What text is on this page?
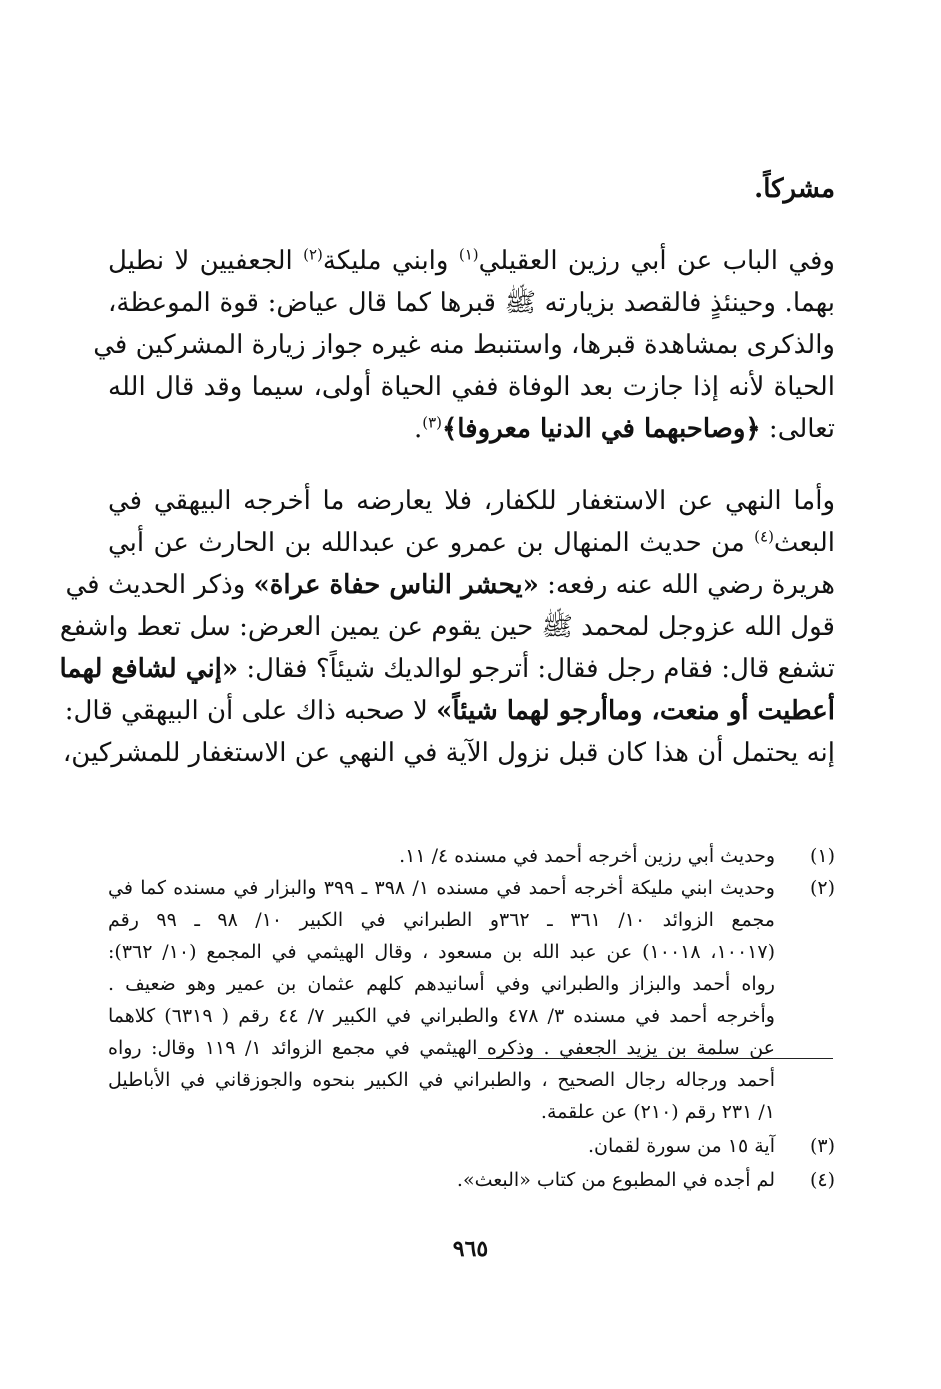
مشركاً.
وفي الباب عن أبي رزين العقيلي$^{(١)}$ وابني مليكة$^{(٢)}$ الجعفيين لا نطيل
بهما. وحينئذٍ فالقصد بزيارته ﷺ قبرها كما قال عياض: قوة الموعظة،
والذكرى بمشاهدة قبرها، واستنبط منه غيره جواز زيارة المشركين في
الحياة لأنه إذا جازت بعد الوفاة ففي الحياة أولى، سيما وقد قال الله
تعالى: ﴿وصاحبهما في الدنيا معروفا﴾$^{(٣)}$.
وأما النهي عن الاستغفار للكفار، فلا يعارضه ما أخرجه البيهقي في
البعث$^{(٤)}$ من حديث المنهال بن عمرو عن عبدالله بن الحارث عن أبي
هريرة رضي الله عنه رفعه: «يحشر الناس حفاة عراة» وذكر الحديث في
قول الله عزوجل لمحمد ﷺ حين يقوم عن يمين العرض: سل تعط واشفع
تشفع قال: فقام رجل فقال: أترجو لوالديك شيئاً؟ فقال: «إني لشافع لهما
أعطيت أو منعت، وماأرجو لهما شيئاً» لا صحبه ذاك على أن البيهقي قال:
إنه يحتمل أن هذا كان قبل نزول الآية في النهي عن الاستغفار للمشركين،
(١)
وحديث أبي رزين أخرجه أحمد في مسنده ٤/ ١١.
(٢)
وحديث ابني مليكة أخرجه أحمد في مسنده ١/ ٣٩٨ ـ ٣٩٩ والبزار في مسنده كما في
مجمع الزوائد ١٠/ ٣٦١ ـ ٣٦٢و الطبراني في الكبير ١٠/ ٩٨ ـ ٩٩ رقم
(١٠٠١٧، ١٠٠١٨) عن عبد الله بن مسعود ، وقال الهيثمي في المجمع (١٠/ ٣٦٢):
رواه أحمد والبزاز والطبراني وفي أسانيدهم كلهم عثمان بن عمير وهو ضعيف .
وأخرجه أحمد في مسنده ٣/ ٤٧٨ والطبراني في الكبير ٧/ ٤٤ رقم ( ٦٣١٩) كلاهما
عن سلمة بن يزيد الجعفي . وذكره الهيثمي في مجمع الزوائد ١/ ١١٩ وقال: رواه
أحمد ورجاله رجال الصحيح ، والطبراني في الكبير بنحوه والجوزقاني في الأباطيل
١/ ٢٣١ رقم (٢١٠) عن علقمة.
(٣)
آية ١٥ من سورة لقمان.
(٤)
لم أجده في المطبوع من كتاب «البعث».
٩٦٥
